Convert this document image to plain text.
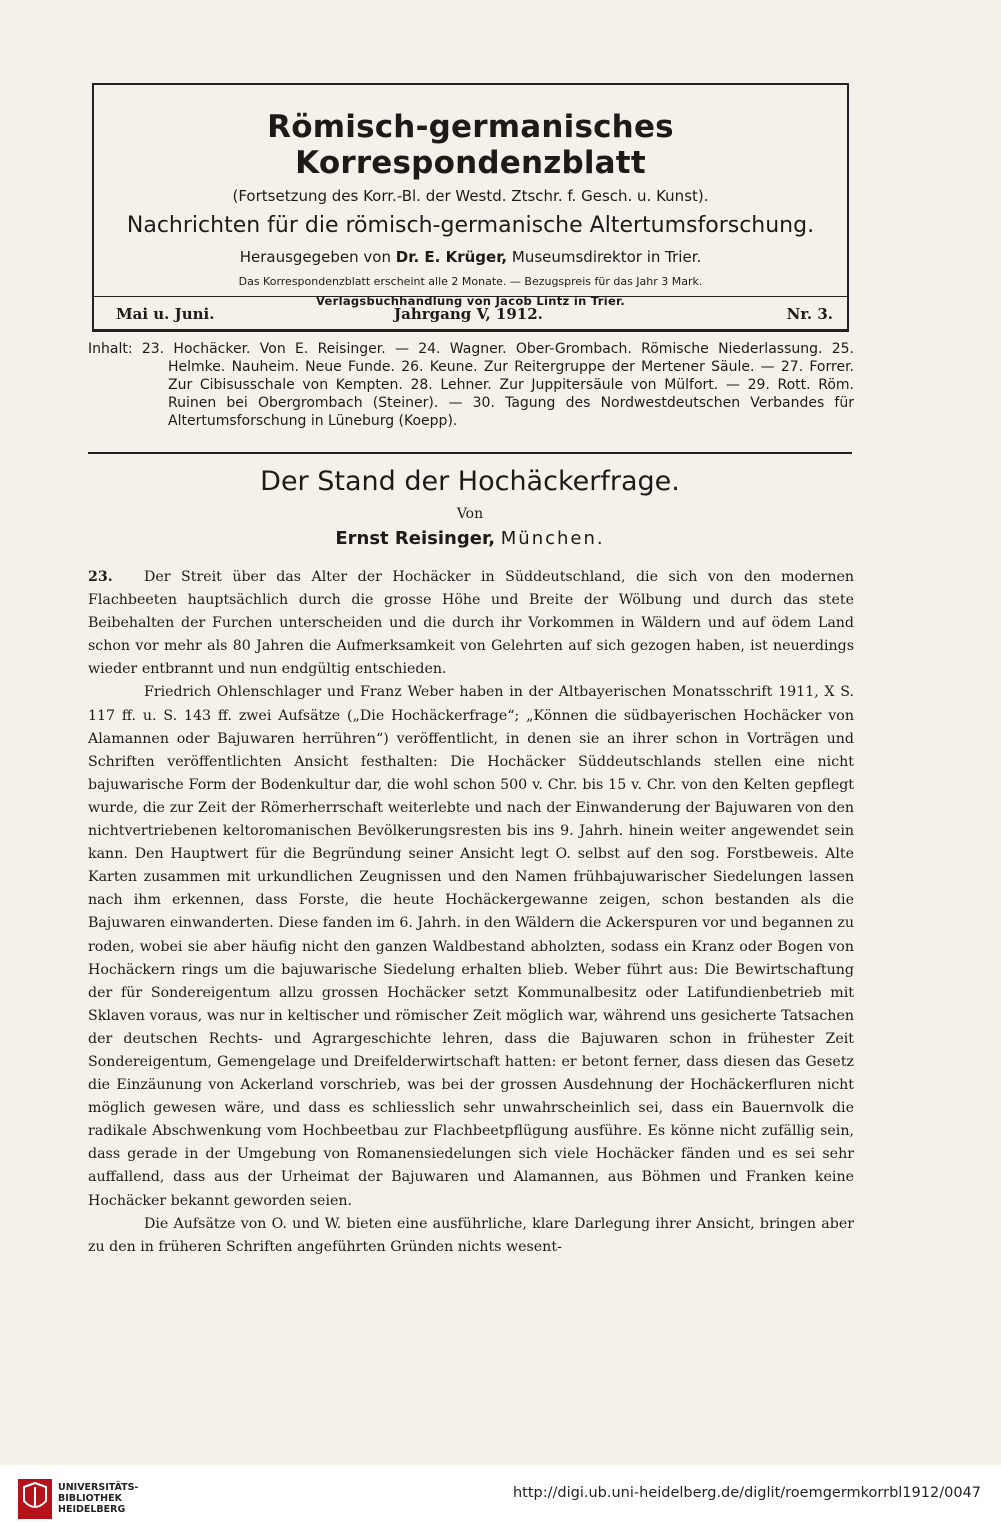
Römisch-germanisches Korrespondenzblatt
(Fortsetzung des Korr.-Bl. der Westd. Ztschr. f. Gesch. u. Kunst).
Nachrichten für die römisch-germanische Altertumsforschung.
Herausgegeben von Dr. E. Krüger, Museumsdirektor in Trier.
Das Korrespondenzblatt erscheint alle 2 Monate. — Bezugspreis für das Jahr 3 Mark.
Verlagsbuchhandlung von Jacob Lintz in Trier.
Mai u. Juni.	Jahrgang V, 1912.	Nr. 3.
Inhalt: 23. Hochäcker. Von E. Reisinger. — 24. Wagner. Ober-Grombach. Römische Niederlassung. 25. Helmke. Nauheim. Neue Funde. 26. Keune. Zur Reitergruppe der Mertener Säule. — 27. Forrer. Zur Cibisusschale von Kempten. 28. Lehner. Zur Juppitersäule von Mülfort. — 29. Rott. Röm. Ruinen bei Obergrombach (Steiner). — 30. Tagung des Nordwestdeutschen Verbandes für Altertumsforschung in Lüneburg (Koepp).
Der Stand der Hochäckerfrage.
Von
Ernst Reisinger, München.

23. Der Streit über das Alter der Hochäcker in Süddeutschland, die sich von den modernen Flachbeeten hauptsächlich durch die grosse Höhe und Breite der Wölbung und durch das stete Beibehalten der Furchen unterscheiden und die durch ihr Vorkommen in Wäldern und auf ödem Land schon vor mehr als 80 Jahren die Aufmerksamkeit von Gelehrten auf sich gezogen haben, ist neuerdings wieder entbrannt und nun endgültig entschieden.

Friedrich Ohlenschlager und Franz Weber haben in der Altbayerischen Monatsschrift 1911, X S. 117 ff. u. S. 143 ff. zwei Aufsätze („Die Hochäckerfrage“; „Können die südbayerischen Hochäcker von Alamannen oder Bajuwaren herrühren“) veröffentlicht, in denen sie an ihrer schon in Vorträgen und Schriften veröffentlichten Ansicht festhalten: Die Hochäcker Süddeutschlands stellen eine nicht bajuwarische Form der Bodenkultur dar, die wohl schon 500 v. Chr. bis 15 v. Chr. von den Kelten gepflegt wurde, die zur Zeit der Römerherrschaft weiterlebte und nach der Einwanderung der Bajuwaren von den nichtvertriebenen keltoromanischen Bevölkerungsresten bis ins 9. Jahrh. hinein weiter angewendet sein kann. Den Hauptwert für die Begründung seiner Ansicht legt O. selbst auf den sog. Forstbeweis. Alte Karten zusammen mit urkundlichen Zeugnissen und den Namen frühbajuwarischer Siedelungen lassen nach ihm erkennen, dass Forste, die heute Hochäckergewanne zeigen, schon bestanden als die Bajuwaren einwanderten. Diese fanden im 6. Jahrh. in den Wäldern die Ackerspuren vor und begannen zu roden, wobei sie aber häufig nicht den ganzen Waldbestand abholzten, sodass ein Kranz oder Bogen von Hochäckern rings um die bajuwarische Siedelung erhalten blieb. Weber führt aus: Die Bewirtschaftung der für Sondereigentum allzu grossen Hochäcker setzt Kommunalbesitz oder Latifundienbetrieb mit Sklaven voraus, was nur in keltischer und römischer Zeit möglich war, während uns gesicherte Tatsachen der deutschen Rechts- und Agrargeschichte lehren, dass die Bajuwaren schon in frühester Zeit Sondereigentum, Gemengelage und Dreifelderwirtschaft hatten: er betont ferner, dass diesen das Gesetz die Einzäunung von Ackerland vorschrieb, was bei der grossen Ausdehnung der Hochäckerfluren nicht möglich gewesen wäre, und dass es schliesslich sehr unwahrscheinlich sei, dass ein Bauernvolk die radikale Abschwenkung vom Hochbeetbau zur Flachbeetpflügung ausführe. Es könne nicht zufällig sein, dass gerade in der Umgebung von Romanensiedelungen sich viele Hochäcker fänden und es sei sehr auffallend, dass aus der Urheimat der Bajuwaren und Alamannen, aus Böhmen und Franken keine Hochäcker bekannt geworden seien.

Die Aufsätze von O. und W. bieten eine ausführliche, klare Darlegung ihrer Ansicht, bringen aber zu den in früheren Schriften angeführten Gründen nichts wesent-

UNIVERSITÄTS-
BIBLIOTHEK
HEIDELBERG
http://digi.ub.uni-heidelberg.de/diglit/roemgermkorrbl1912/0047
